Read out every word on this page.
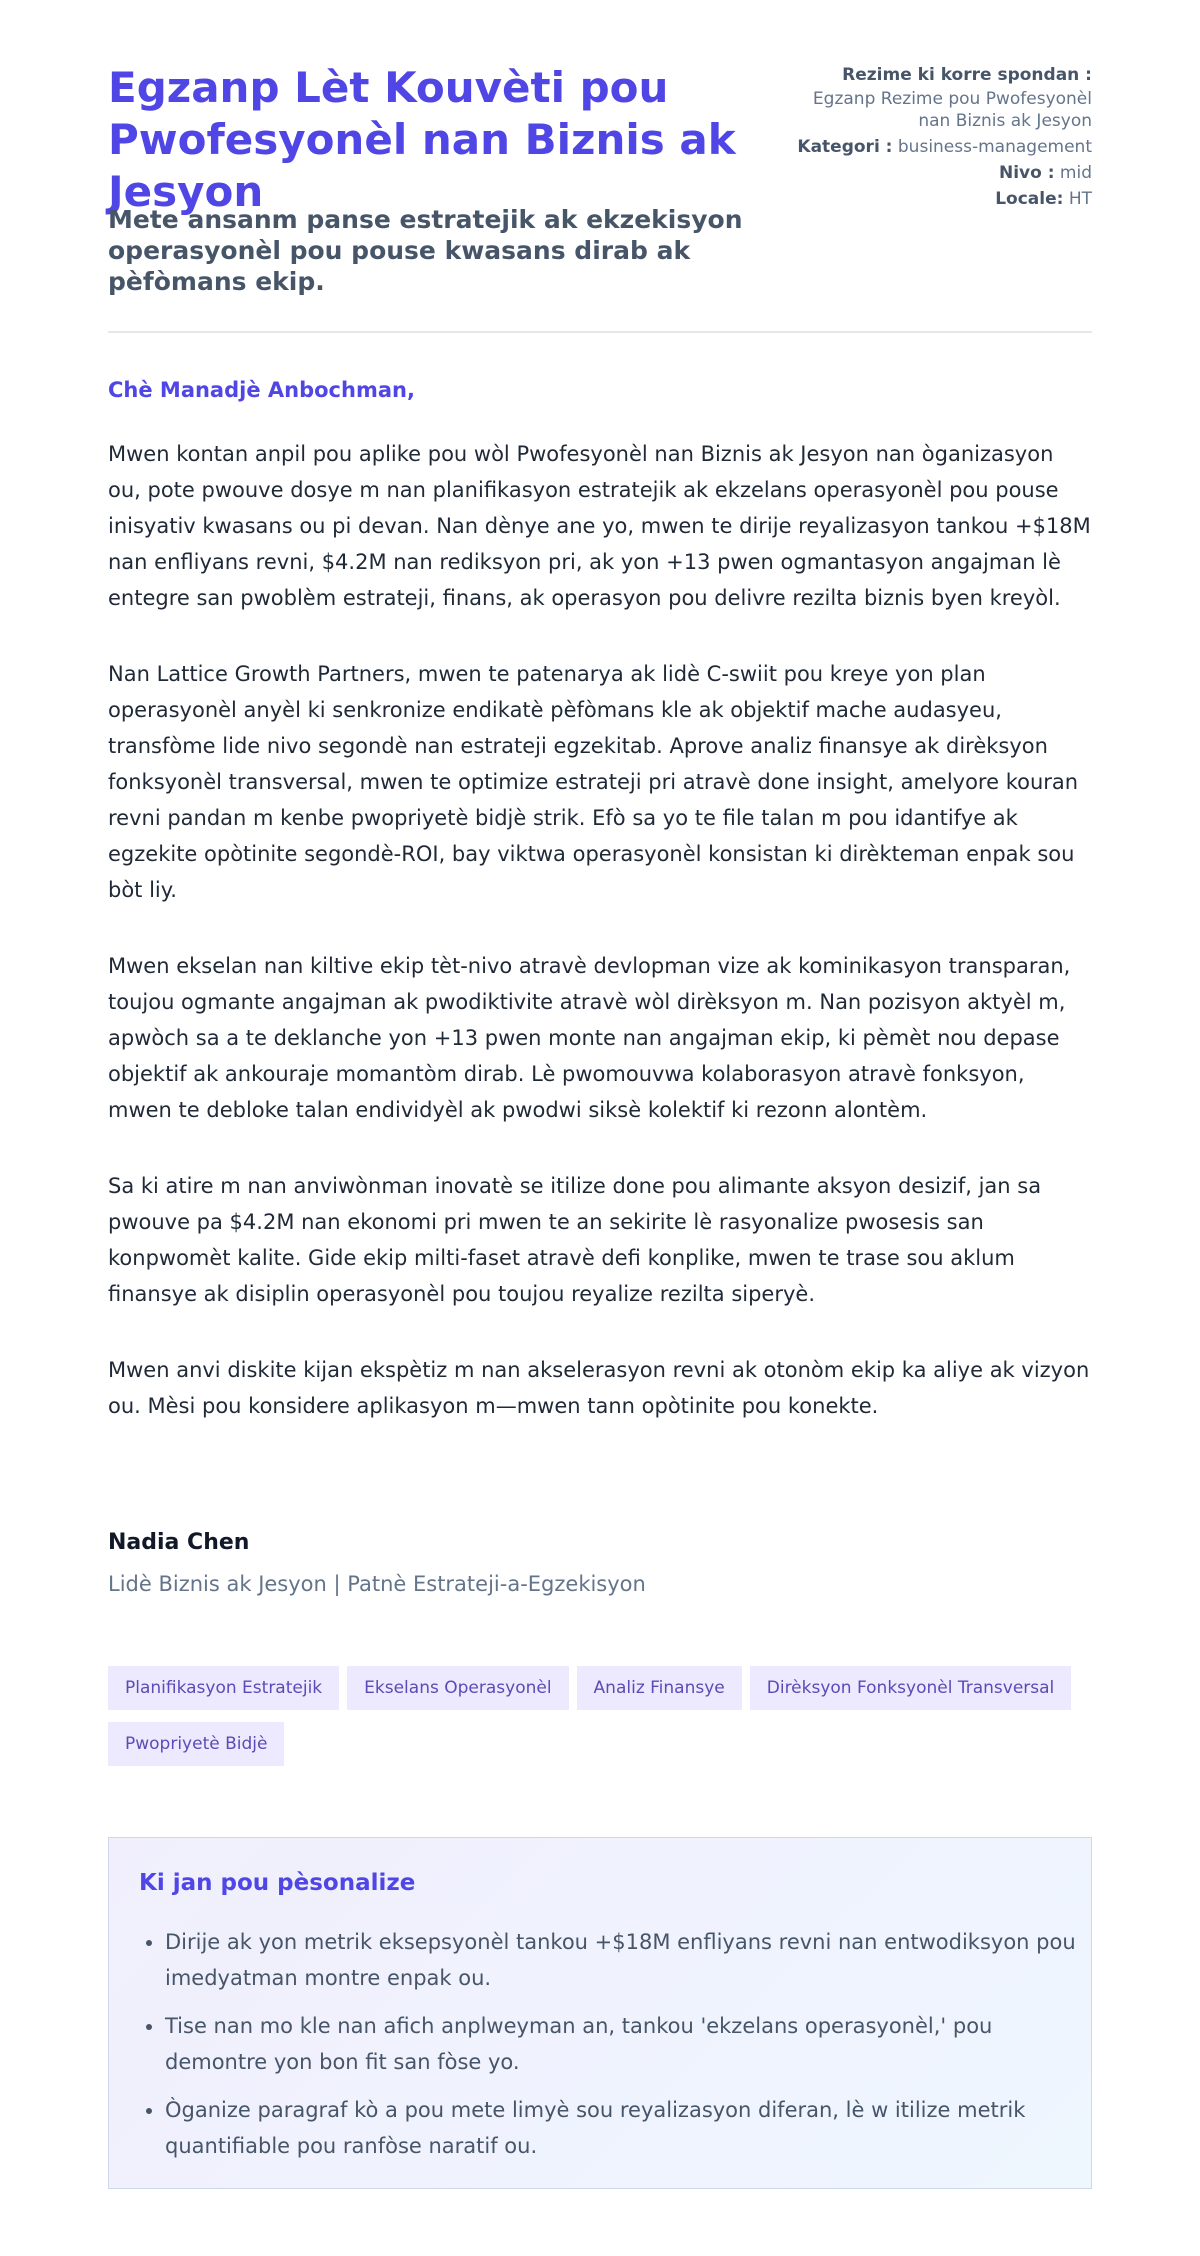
Egzanp Lèt Kouvèti pou Pwofesyonèl nan Biznis ak Jesyon
Mete ansanm panse estratejik ak ekzekisyon operasyonèl pou pouse kwasans dirab ak pèfòmans ekip.
Rezime ki korre spondan :
Egzanp Rezime pou Pwofesyonèl nan Biznis ak Jesyon
Kategori : business-management
Nivo : mid
Locale: HT

Chè Manadjè Anbochman,

Mwen kontan anpil pou aplike pou wòl Pwofesyonèl nan Biznis ak Jesyon nan òganizasyon ou, pote pwouve dosye m nan planifikasyon estratejik ak ekzelans operasyonèl pou pouse inisyativ kwasans ou pi devan. Nan dènye ane yo, mwen te dirije reyalizasyon tankou +$18M nan enfliyans revni, $4.2M nan rediksyon pri, ak yon +13 pwen ogmantasyon angajman lè entegre san pwoblèm estrateji, finans, ak operasyon pou delivre rezilta biznis byen kreyòl.

Nan Lattice Growth Partners, mwen te patenarya ak lidè C-swiit pou kreye yon plan operasyonèl anyèl ki senkronize endikatè pèfòmans kle ak objektif mache audasyeu, transfòme lide nivo segondè nan estrateji egzekitab. Aprove analiz finansye ak dirèksyon fonksyonèl transversal, mwen te optimize estrateji pri atravè done insight, amelyore kouran revni pandan m kenbe pwopriyetè bidjè strik. Efò sa yo te file talan m pou idantifye ak egzekite opòtinite segondè-ROI, bay viktwa operasyonèl konsistan ki dirèkteman enpak sou bòt liy.

Mwen ekselan nan kiltive ekip tèt-nivo atravè devlopman vize ak kominikasyon transparan, toujou ogmante angajman ak pwodiktivite atravè wòl dirèksyon m. Nan pozisyon aktyèl m, apwòch sa a te deklanche yon +13 pwen monte nan angajman ekip, ki pèmèt nou depase objektif ak ankouraje momantòm dirab. Lè pwomouvwa kolaborasyon atravè fonksyon, mwen te debloke talan endividyèl ak pwodwi siksè kolektif ki rezonn alontèm.

Sa ki atire m nan anviwònman inovatè se itilize done pou alimante aksyon desizif, jan sa pwouve pa $4.2M nan ekonomi pri mwen te an sekirite lè rasyonalize pwosesis san konpwomèt kalite. Gide ekip milti-faset atravè defi konplike, mwen te trase sou aklum finansye ak disiplin operasyonèl pou toujou reyalize rezilta siperyè.

Mwen anvi diskite kijan ekspètiz m nan akselerasyon revni ak otonòm ekip ka aliye ak vizyon ou. Mèsi pou konsidere aplikasyon m—mwen tann opòtinite pou konekte.

Nadia Chen

Lidè Biznis ak Jesyon | Patnè Estrateji-a-Egzekisyon

Planifikasyon Estratejik	Ekselans Operasyonèl	Analiz Finansye	Dirèksyon Fonksyonèl Transversal
Pwopriyetè Bidjè
Ki jan pou pèsonalize
• Dirije ak yon metrik eksepsyonèl tankou +$18M enfliyans revni nan entwodiksyon pou imedyatman montre enpak ou.
• Tise nan mo kle nan afich anplweyman an, tankou 'ekzelans operasyonèl,' pou demontre yon bon fit san fòse yo.
• Òganize paragraf kò a pou mete limyè sou reyalizasyon diferan, lè w itilize metrik quantifiable pou ranfòse naratif ou.
